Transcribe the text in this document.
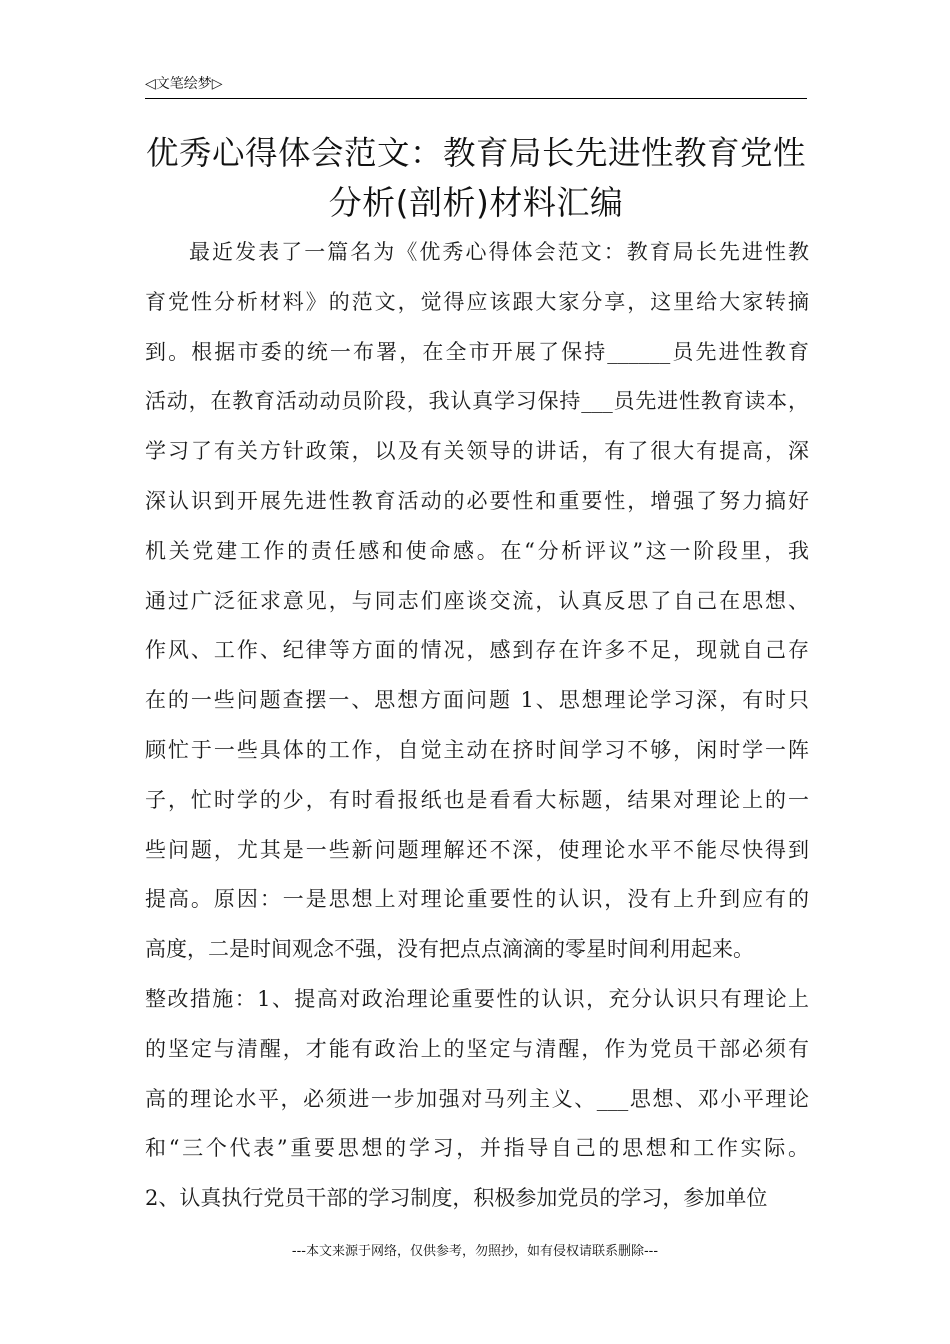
◁文笔绘梦▷
优秀心得体会范文：教育局长先进性教育党性
分析(剖析)材料汇编
最近发表了一篇名为《优秀心得体会范文：教育局长先进性教
育党性分析材料》的范文，觉得应该跟大家分享，这里给大家转摘
到。根据市委的统一布署，在全市开展了保持______员先进性教育
活动，在教育活动动员阶段，我认真学习保持___员先进性教育读本，
学习了有关方针政策，以及有关领导的讲话，有了很大有提高，深
深认识到开展先进性教育活动的必要性和重要性，增强了努力搞好
机关党建工作的责任感和使命感。在“分析评议”这一阶段里，我
通过广泛征求意见，与同志们座谈交流，认真反思了自己在思想、
作风、工作、纪律等方面的情况，感到存在许多不足，现就自己存
在的一些问题查摆一、思想方面问题 1、思想理论学习深，有时只
顾忙于一些具体的工作，自觉主动在挤时间学习不够，闲时学一阵
子，忙时学的少，有时看报纸也是看看大标题，结果对理论上的一
些问题，尤其是一些新问题理解还不深，使理论水平不能尽快得到
提高。原因：一是思想上对理论重要性的认识，没有上升到应有的
高度，二是时间观念不强，没有把点点滴滴的零星时间利用起来。
整改措施：1、提高对政治理论重要性的认识，充分认识只有理论上
的坚定与清醒，才能有政治上的坚定与清醒，作为党员干部必须有
高的理论水平，必须进一步加强对马列主义、___思想、邓小平理论
和“三个代表”重要思想的学习，并指导自己的思想和工作实际。
2、认真执行党员干部的学习制度，积极参加党员的学习，参加单位
---本文来源于网络，仅供参考，勿照抄，如有侵权请联系删除---
